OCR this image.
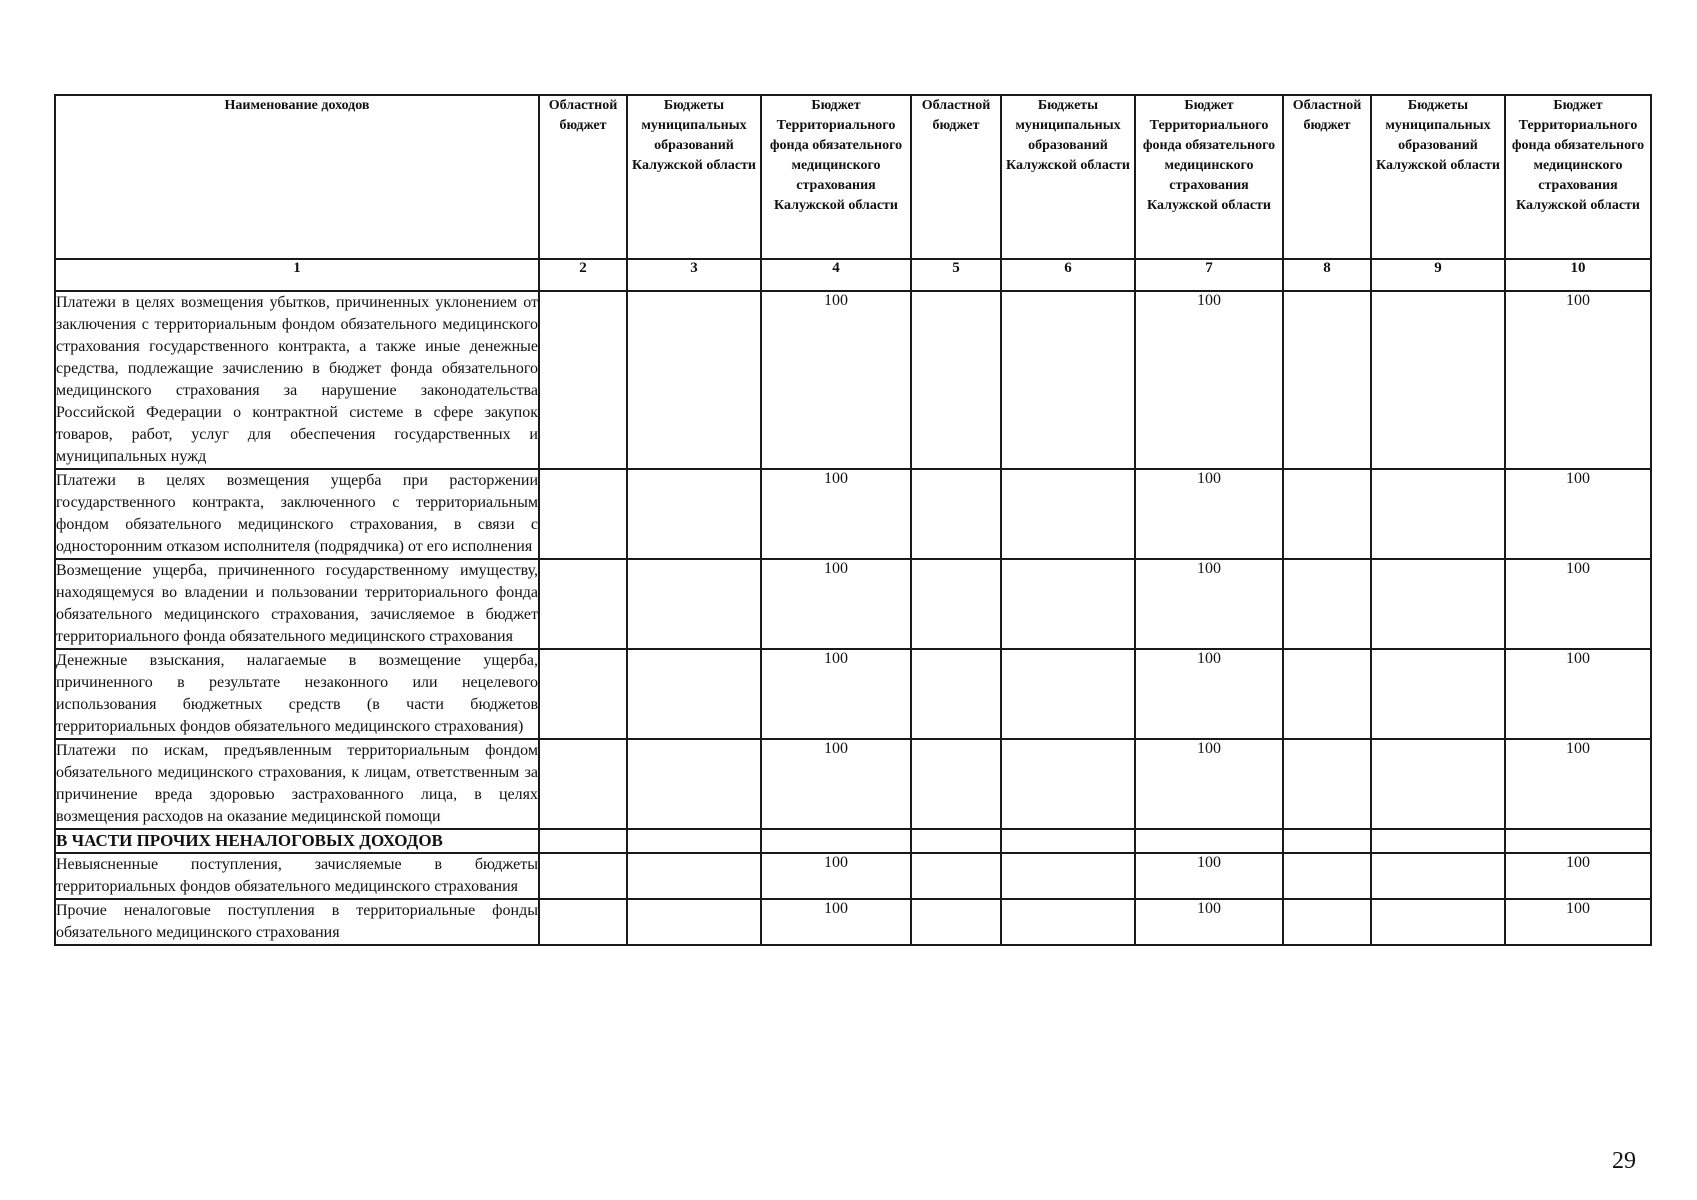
Наименование доходов	Областной бюджет	Бюджеты муниципальных образований Калужской области	Бюджет Территориального фонда обязательного медицинского страхования Калужской области	Областной бюджет	Бюджеты муниципальных образований Калужской области	Бюджет Территориального фонда обязательного медицинского страхования Калужской области	Областной бюджет	Бюджеты муниципальных образований Калужской области	Бюджет Территориального фонда обязательного медицинского страхования Калужской области
1	2	3	4	5	6	7	8	9	10
Платежи в целях возмещения убытков, причиненных уклонением от заключения с территориальным фондом обязательного медицинского страхования государственного контракта, а также иные денежные средства, подлежащие зачислению в бюджет фонда обязательного медицинского страхования за нарушение законодательства Российской Федерации о контрактной системе в сфере закупок товаров, работ, услуг для обеспечения государственных и муниципальных нужд			100			100			100
Платежи в целях возмещения ущерба при расторжении государственного контракта, заключенного с территориальным фондом обязательного медицинского страхования, в связи с односторонним отказом исполнителя (подрядчика) от его исполнения			100			100			100
Возмещение ущерба, причиненного государственному имуществу, находящемуся во владении и пользовании территориального фонда обязательного медицинского страхования, зачисляемое в бюджет территориального фонда обязательного медицинского страхования			100			100			100
Денежные взыскания, налагаемые в возмещение ущерба, причиненного в результате незаконного или нецелевого использования бюджетных средств (в части бюджетов территориальных фондов обязательного медицинского страхования)			100			100			100
Платежи по искам, предъявленным территориальным фондом обязательного медицинского страхования, к лицам, ответственным за причинение вреда здоровью застрахованного лица, в целях возмещения расходов на оказание медицинской помощи			100			100			100
В ЧАСТИ ПРОЧИХ НЕНАЛОГОВЫХ ДОХОДОВ									
Невыясненные поступления, зачисляемые в бюджеты территориальных фондов обязательного медицинского страхования			100			100			100
Прочие неналоговые поступления в территориальные фонды обязательного медицинского страхования			100			100			100
29
